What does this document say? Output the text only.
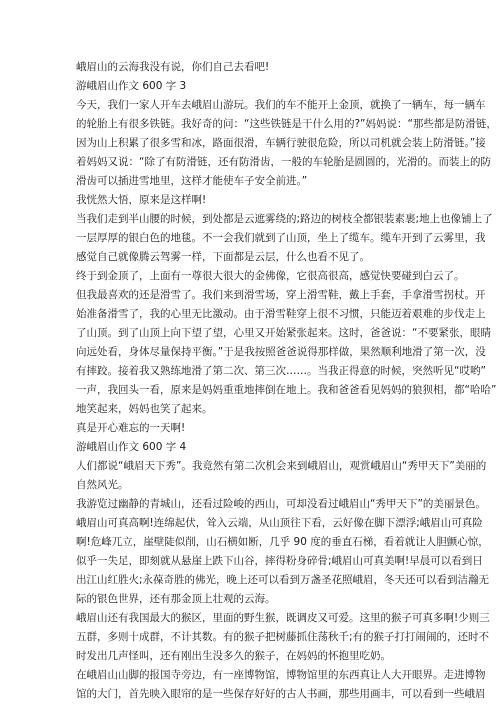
峨眉山的云海我没有说，你们自己去看吧!
游峨眉山作文 600 字 3
今天，我们一家人开车去峨眉山游玩。我们的车不能开上金顶，就换了一辆车，每一辆车
的轮胎上有很多铁链。我好奇的问：“这些铁链是干什么用的?”妈妈说：“那些都是防滑链，
因为山上积累了很多雪和冰，路面很滑，车辆行驶很危险，所以司机就会装上防滑链。”接
着妈妈又说：“除了有防滑链，还有防滑齿，一般的车轮胎是圆圆的，光滑的。而装上的防
滑齿可以插进雪地里，这样才能使车子安全前进。”
我恍然大悟，原来是这样啊!
当我们走到半山腰的时候，到处都是云遮雾绕的;路边的树枝全都银装素裹;地上也像铺上了
一层厚厚的银白色的地毯。不一会我们就到了山顶，坐上了缆车。缆车开到了云雾里，我
感觉自己就像腾云驾雾一样，下面都是云层，什么也看不见了。
终于到金顶了，上面有一尊很大很大的金佛像，它很高很高，感觉快要碰到白云了。
但我最喜欢的还是滑雪了。我们来到滑雪场，穿上滑雪鞋，戴上手套，手拿滑雪拐杖。开
始准备滑雪了，我的心里无比激动。由于滑雪鞋穿上很不习惯，只能迈着艰难的步伐走上
了山顶。到了山顶上向下望了望，心里又开始紧张起来。这时，爸爸说：“不要紧张，眼睛
向远处看，身体尽量保持平衡。”于是我按照爸爸说得那样做，果然顺利地滑了第一次，没
有摔跤。接着我又熟练地滑了第二次、第三次……。当我正得意的时候，突然听见“哎哟”
一声，我回头一看，原来是妈妈重重地摔倒在地上。我和爸爸看见妈妈的狼狈相，都“哈哈”
地笑起来，妈妈也笑了起来。
真是开心难忘的一天啊!
游峨眉山作文 600 字 4
人们都说“峨眉天下秀”。我竟然有第二次机会来到峨眉山，观赏峨眉山“秀甲天下”美丽的
自然风光。
我游览过幽静的青城山，还看过险峻的西山，可却没看过峨眉山“秀甲天下”的美丽景色。
峨眉山可真高啊!连绵起伏，耸入云端，从山顶往下看，云好像在脚下漂浮;峨眉山可真险
啊!危峰兀立，崖壁陡似削，山石横如断，几乎 90 度的垂直石梯，看着就让人胆颤心惊，
似乎一失足，即刻就从悬崖上跌下山谷，摔得粉身碎骨;峨眉山可真美啊!早晨可以看到日
出江山红胜火;永葆奇胜的佛光，晚上还可以看到万盏圣花照峨眉，冬天还可以看到洁瀚无
际的银色世界，还有那金顶上壮观的云海。
峨眉山还有我国最大的猴区，里面的野生猴，既调皮又可爱。这里的猴子可真多啊!少则三
五群，多则十成群，不计其数。有的猴子把树藤抓住荡秋千;有的猴子打打闹闹的，还时不
时发出几声怪叫，还有刚出生没多久的猴子，在妈妈的怀抱里吃奶。
在峨眉山山脚的报国寺旁边，有一座博物馆，博物馆里的东西真让人大开眼界。走进博物
馆的大门，首先映入眼帘的是一些保存好好的古人书画，那些用画丰，可以看到一些峨眉
